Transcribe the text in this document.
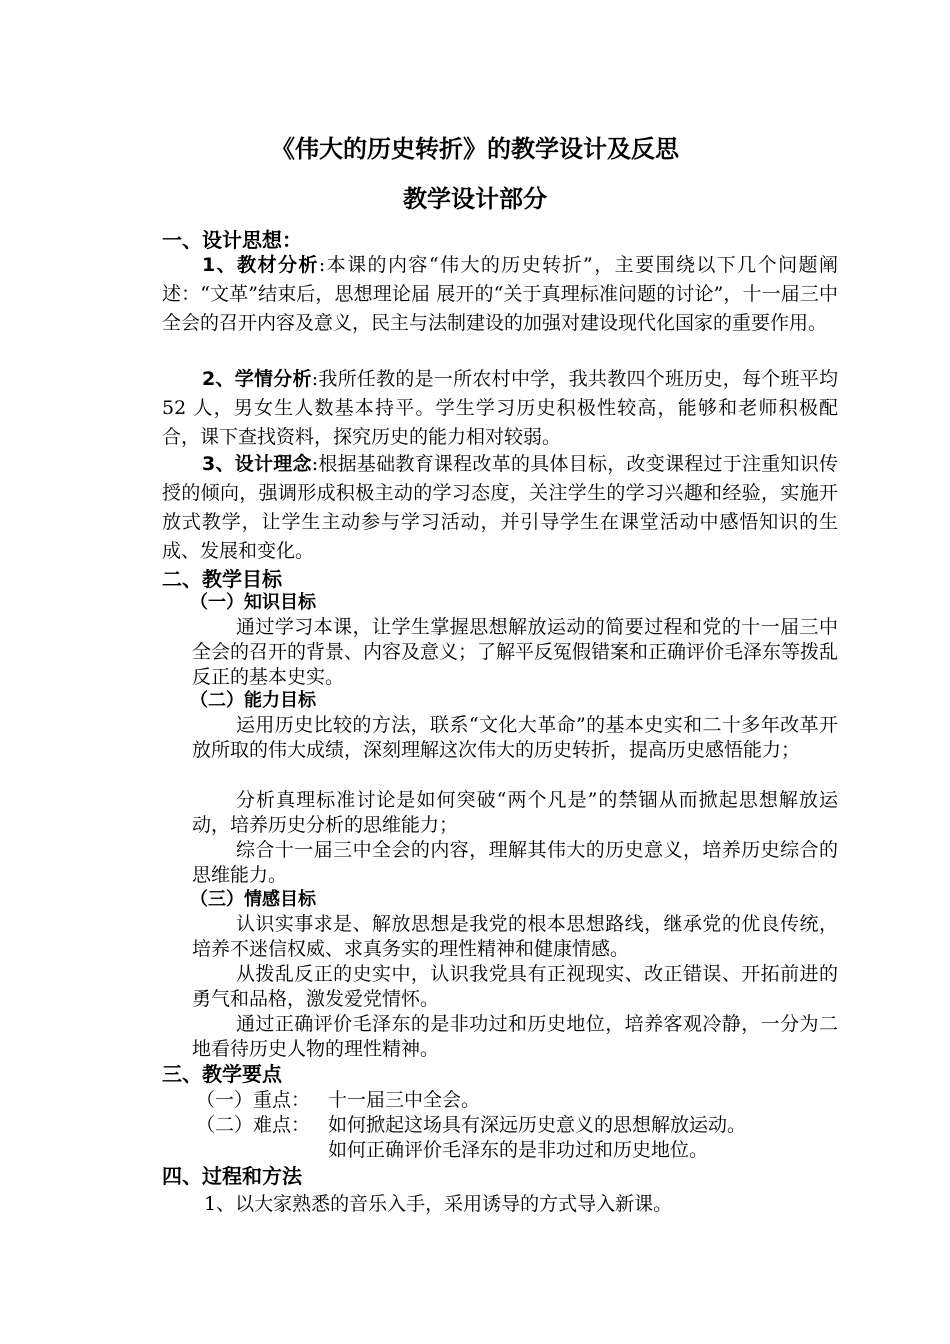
《伟大的历史转折》的教学设计及反思
教学设计部分
一、设计思想：

1、教材分析:本课的内容“伟大的历史转折”，主要围绕以下几个问题阐述：“文革”结束后，思想理论届 展开的“关于真理标准问题的讨论”，十一届三中全会的召开内容及意义，民主与法制建设的加强对建设现代化国家的重要作用。

2、学情分析:我所任教的是一所农村中学，我共教四个班历史，每个班平均 52 人，男女生人数基本持平。学生学习历史积极性较高，能够和老师积极配合，课下查找资料，探究历史的能力相对较弱。

3、设计理念:根据基础教育课程改革的具体目标，改变课程过于注重知识传授的倾向，强调形成积极主动的学习态度，关注学生的学习兴趣和经验，实施开放式教学，让学生主动参与学习活动，并引导学生在课堂活动中感悟知识的生成、发展和变化。

二、教学目标
（一）知识目标

通过学习本课，让学生掌握思想解放运动的简要过程和党的十一届三中全会的召开的背景、内容及意义；了解平反冤假错案和正确评价毛泽东等拨乱反正的基本史实。

（二）能力目标

运用历史比较的方法，联系“文化大革命”的基本史实和二十多年改革开放所取的伟大成绩，深刻理解这次伟大的历史转折，提高历史感悟能力；

分析真理标准讨论是如何突破“两个凡是”的禁锢从而掀起思想解放运动，培养历史分析的思维能力；

综合十一届三中全会的内容，理解其伟大的历史意义，培养历史综合的思维能力。

（三）情感目标

认识实事求是、解放思想是我党的根本思想路线，继承党的优良传统，培养不迷信权威、求真务实的理性精神和健康情感。

从拨乱反正的史实中，认识我党具有正视现实、改正错误、开拓前进的勇气和品格，激发爱党情怀。

通过正确评价毛泽东的是非功过和历史地位，培养客观冷静，一分为二地看待历史人物的理性精神。

三、教学要点
（一）重点： 十一届三中全会。
（二）难点： 如何掀起这场具有深远历史意义的思想解放运动。
如何正确评价毛泽东的是非功过和历史地位。
四、过程和方法
1、以大家熟悉的音乐入手，采用诱导的方式导入新课。
